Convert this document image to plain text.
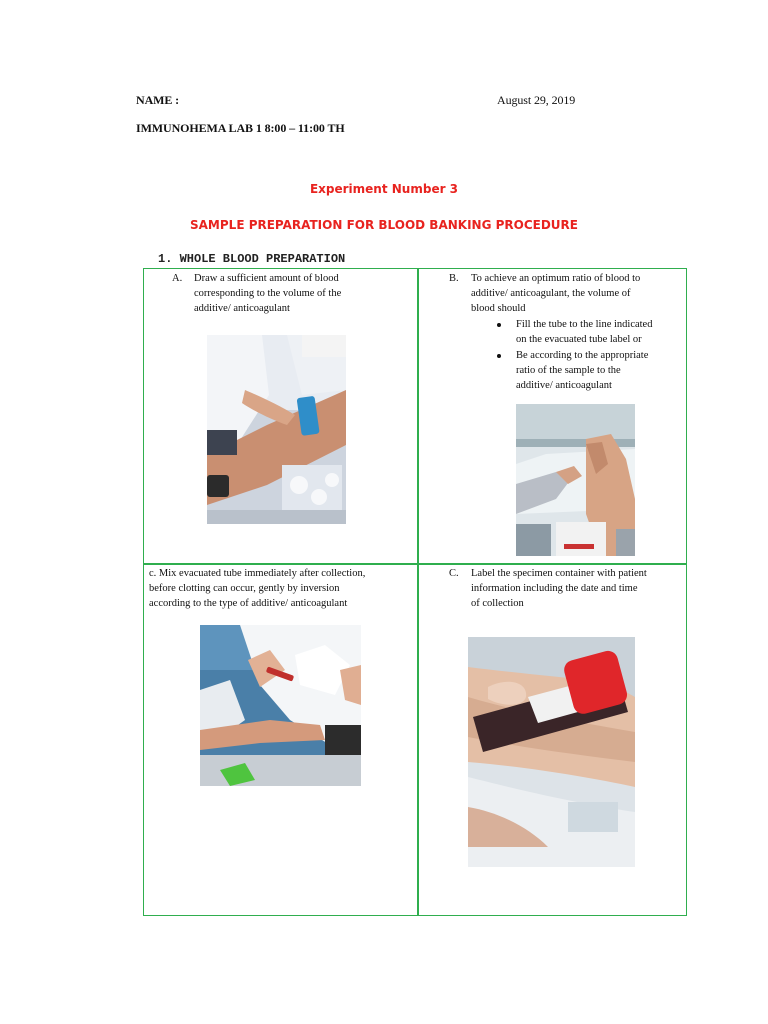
NAME :	August 29, 2019
IMMUNOHEMA LAB 1 8:00 – 11:00 TH
Experiment Number 3
SAMPLE PREPARATION FOR BLOOD BANKING PROCEDURE
1. WHOLE BLOOD PREPARATION
A. Draw a sufficient amount of blood
corresponding to the volume of the
additive/ anticoagulant
B. To achieve an optimum ratio of blood to
additive/ anticoagulant, the volume of
blood should
Fill the tube to the line indicated
on the evacuated tube label or
Be according to the appropriate
ratio of the sample to the
additive/ anticoagulant
c. Mix evacuated tube immediately after collection,
before clotting can occur, gently by inversion
according to the type of additive/ anticoagulant
C. Label the specimen container with patient
information including the date and time
of collection
